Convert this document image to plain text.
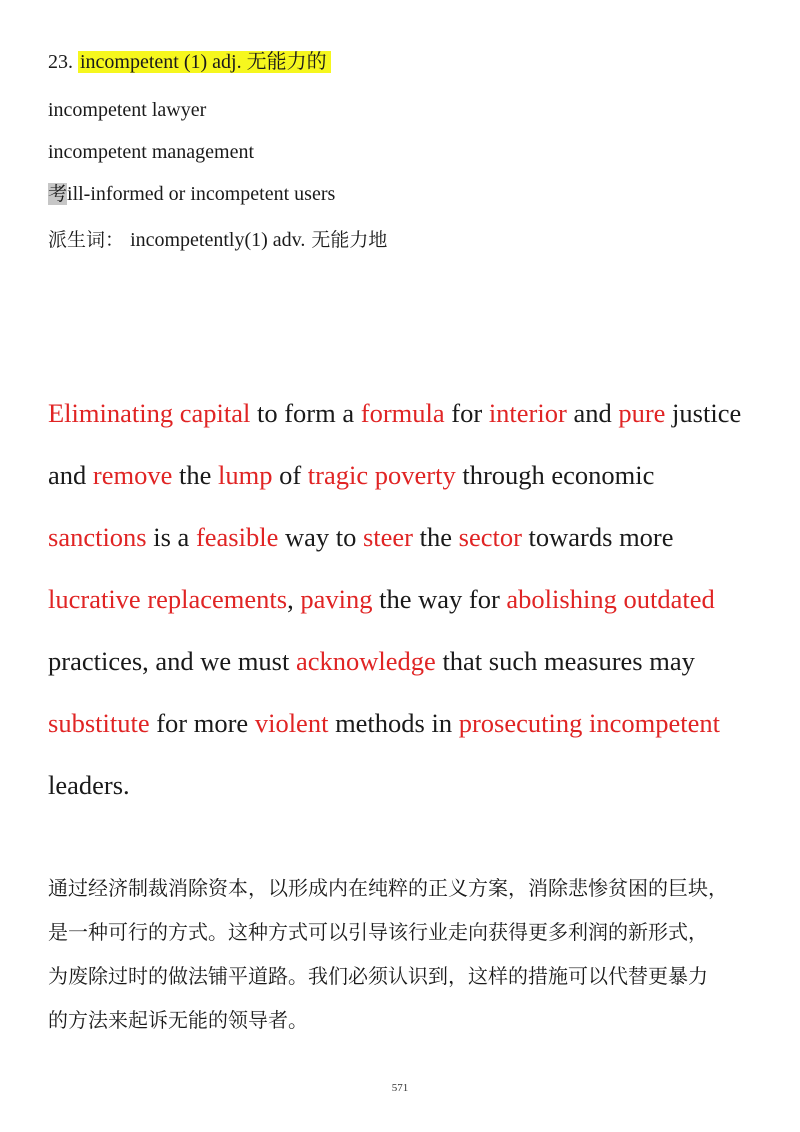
23. incompetent (1) adj. 无能力的
incompetent lawyer
incompetent management
考ill-informed or incompetent users
派生词： incompetently(1) adv. 无能力地
Eliminating capital to form a formula for interior and pure justice
and remove the lump of tragic poverty through economic
sanctions is a feasible way to steer the sector towards more
lucrative replacements, paving the way for abolishing outdated
practices, and we must acknowledge that such measures may
substitute for more violent methods in prosecuting incompetent
leaders.
通过经济制裁消除资本，以形成内在纯粹的正义方案，消除悲惨贫困的巨块，
是一种可行的方式。这种方式可以引导该行业走向获得更多利润的新形式，
为废除过时的做法铺平道路。我们必须认识到，这样的措施可以代替更暴力
的方法来起诉无能的领导者。
571
